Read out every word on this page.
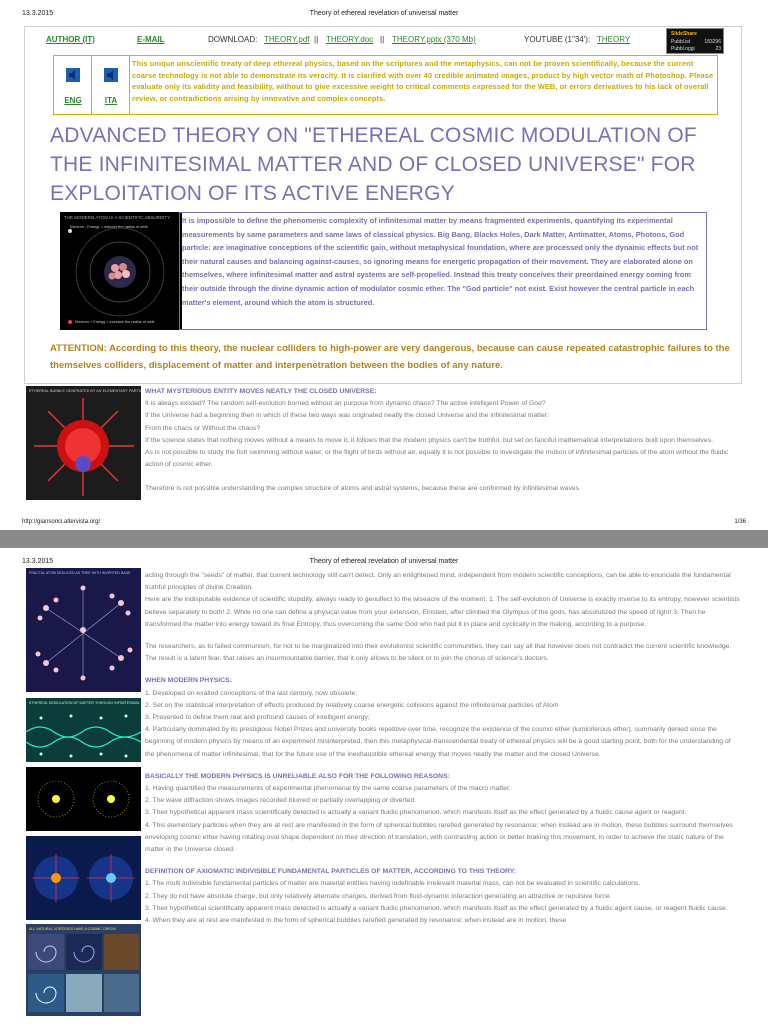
13.3.2015	Theory of ethereal revelation of universal matter
AUTHOR (IT)	E-MAIL	DOWNLOAD: THEORY.pdf || THEORY.doc || THEORY.pptx (370 Mb)	YOUTUBE (1"34'): THEORY
SlideShare
Pubbl.ist	183296
Pubbl.oggi	23
ENG	ITA
This unique unscientific treaty of deep ethereal physics, based on the scriptures and the metaphysics, can not be proven scientifically, because the current coarse technology is not able to demonstrate its veracity. It is clarified with over 40 credible animated images, product by high vector math of Photoshop. Please evaluate only its validity and feasibility, without to give excessive weight to critical comments expressed for the WEB, or errors derivatives to his lack of overall review, or contradictions arising by innovative and complex concepts.
ADVANCED THEORY ON "ETHEREAL COSMIC MODULATION OF THE INFINITESIMAL MATTER AND OF CLOSED UNIVERSE" FOR EXPLOITATION OF ITS ACTIVE ENERGY
THE MODERN ATOM IS A SCIENTIFIC ABSURDITY
Electron - Energy = reduces the radius of orbit
Electron + Energy = increase the radius of orbit
It is impossible to define the phenomenic complexity of infinitesimal matter by means fragmented experiments, quantifying its experimental measurements by same parameters and same laws of classical physics. Big Bang, Blacks Holes, Dark Matter, Antimatter, Atoms, Photons, God particle: are imaginative conceptions of the scientific gain, without metaphysical foundation, where are processed only the dynamic effects but not their natural causes and balancing against-causes, so ignoring means for energetic propagation of their movement. They are elaborated alone on themselves, where infinitesimal matter and astral systems are self-propelled. Instead this treaty conceives their preordained energy coming from their outside through the divine dynamic action of modulator cosmic ether. The "God particle" not exist. Exist however the central particle in each matter's element, around which the atom is structured.
ATTENTION: According to this theory, the nuclear colliders to high-power are very dangerous, because can cause repeated catastrophic failures to the themselves colliders, displacement of matter and interpenetration between the bodies of any nature.
ETHEREAL BUBBLE GENERATED BY AN ELEMENTARY PARTI WHAT MYSTERIOUS ENTITY MOVES NEATLY THE CLOSED UNIVERSE:
It is always existed? The random self-evolution borned without an purpose from dynamic chaos? The active intelligent Power of God?
If the Universe had a beginning then in which of these two ways was originated neatly the closed Universe and the infinitesimal matter:
From the chaos or Without the chaos?
If the science states that nothing moves without a means to move it, it follows that the modern physics can't be truthful, but set on fanciful mathematical interpretations built upon themselves.
As is not possible to study the fish swimming without water, or the flight of birds without air, equally it is not possible to investigate the motion of infinitesimal particles of the atom without the fluidic action of cosmic ether.
Therefore is not possible understanding the complex structure of atoms and astral systems, because these are conformed by infinitesimal waves
http://giansonci.altervista.org/	1/36
13.3.2015	Theory of ethereal revelation of universal matter
FRACTAL ATOM DEDUCED AS TREE WITH INVERTED BASE
ETHEREAL MODULATION OF MATTER THROUGH INFINITESIMAL WAVES
ALL NATURAL VORTEXES HAVE A COSMIC ORIGIN

acting through the "seeds" of matter, that current technology still can't detect. Only an enlightened mind, independent from modern scientific conceptions, can be able to enunciate the fundamental truthful principles of divine Creation.

Here are the indisputable evidence of scientific stupidity, always ready to genuflect to the wiseacre of the moment: 1. The self-evolution of Universe is exactly inverse to its entropy, however scientists believe separately to both! 2. While no one can define a physical value from your extension, Einstein, after climbed the Olympus of the gods, has absolutized the speed of light! 3. Then he transformed the matter into energy toward its final Entropy, thus overcoming the same God who had put it in place and cyclically in the making, according to a purpose.

The researchers, as to failed communism, for not to be marginalized into their evolutionist scientific communities, they can say all that however does not contradict the current scientific knowledge. The result is a latent fear, that raises an insurmountable barrier, that it only allows to be silent or to join the chorus of science's doctors.

WHEN MODERN PHYSICS:
1. Developed on exalted conceptions of the last century, now obsolete;
2. Set on the statistical interpretation of effects produced by relatively coarse energetic collisions against the infinitesimal particles of Atom
3. Prevented to define them real and profound causes of intelligent energy;
4. Particularly dominated by its prestigious Nobel Prizes and university books repetitive over time, recognize the existence of the cosmic ether (luminiferous ether), summarily denied since the beginning of modern physics by means of an experiment misinterpreted, then this metaphysical-transcendental treaty of ethereal physics will be a good starting point, both for the understanding of the phenomena of matter infinitesimal, that for the future use of the inexhaustible ethereal energy that moves neatly the matter and the closed Universe.
BASICALLY THE MODERN PHYSICS IS UNRELIABLE ALSO FOR THE FOLLOWING REASONS:
1. Having quantified the measurements of experimental phenomenal by the same coarse parameters of the macro matter.
2. The wave diffraction shows images recorded blurred or partially overlapping or diverted.
3. Their hypothetical apparent mass scientifically detected is actually a variant fluidic phenomenon, which manifests itself as the effect generated by a fluidic cause agent or reagent.
4. This elementary particles when they are at rest are manifested in the form of spherical bubbles rarefied generated by resonance; when instead are in motion, these bubbles surround themselves enveloping cosmic ether having rotating oval shape dependent on their direction of translation, with contrasting action or better braking this movement, in order to achieve the static nature of the matter in the Universe closed.
DEFINITION OF AXIOMATIC INDIVISIBLE FUNDAMENTAL PARTICLES OF MATTER, ACCORDING TO THIS THEORY:
1. The multi indivisible fundamental particles of matter are material entities having indefinable irrelevant material mass, can not be evaluated in scientific calculations.
2. They do not have absolute charge, but only relatively alternate charges, derived from fluid-dynamic interaction generating an attractive or repulsive force.
3. Their hypothetical scientifically apparent mass detected is actually a variant fluidic phenomenon, which manifests itself as the effect generated by a fluidic agent cause, or reagent fluidic cause.
4. When they are at rest are manifested in the form of spherical bubbles rarefied generated by resonance; when instead are in motion, these
